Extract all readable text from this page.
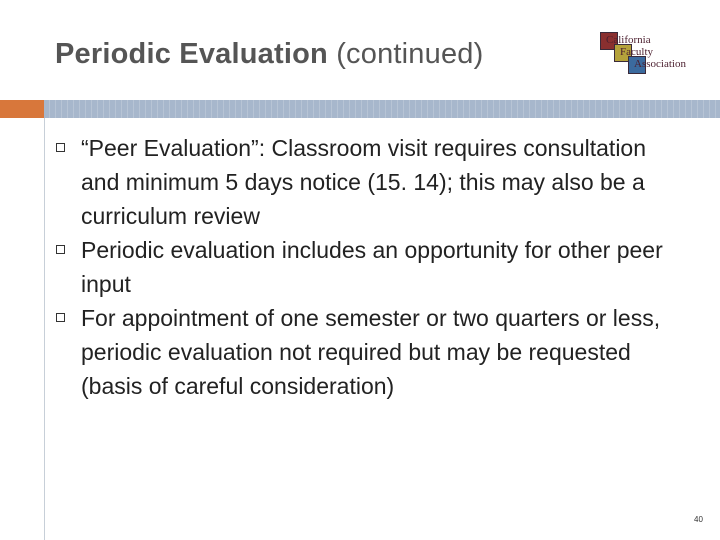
Periodic Evaluation (continued)	California
Faculty
Association
“Peer Evaluation”: Classroom visit requires consultation and minimum 5 days notice (15. 14); this may also be a curriculum review
Periodic evaluation includes an opportunity for other peer input
For appointment of one semester or two quarters or less, periodic evaluation not required but may be requested (basis of careful consideration)
40
